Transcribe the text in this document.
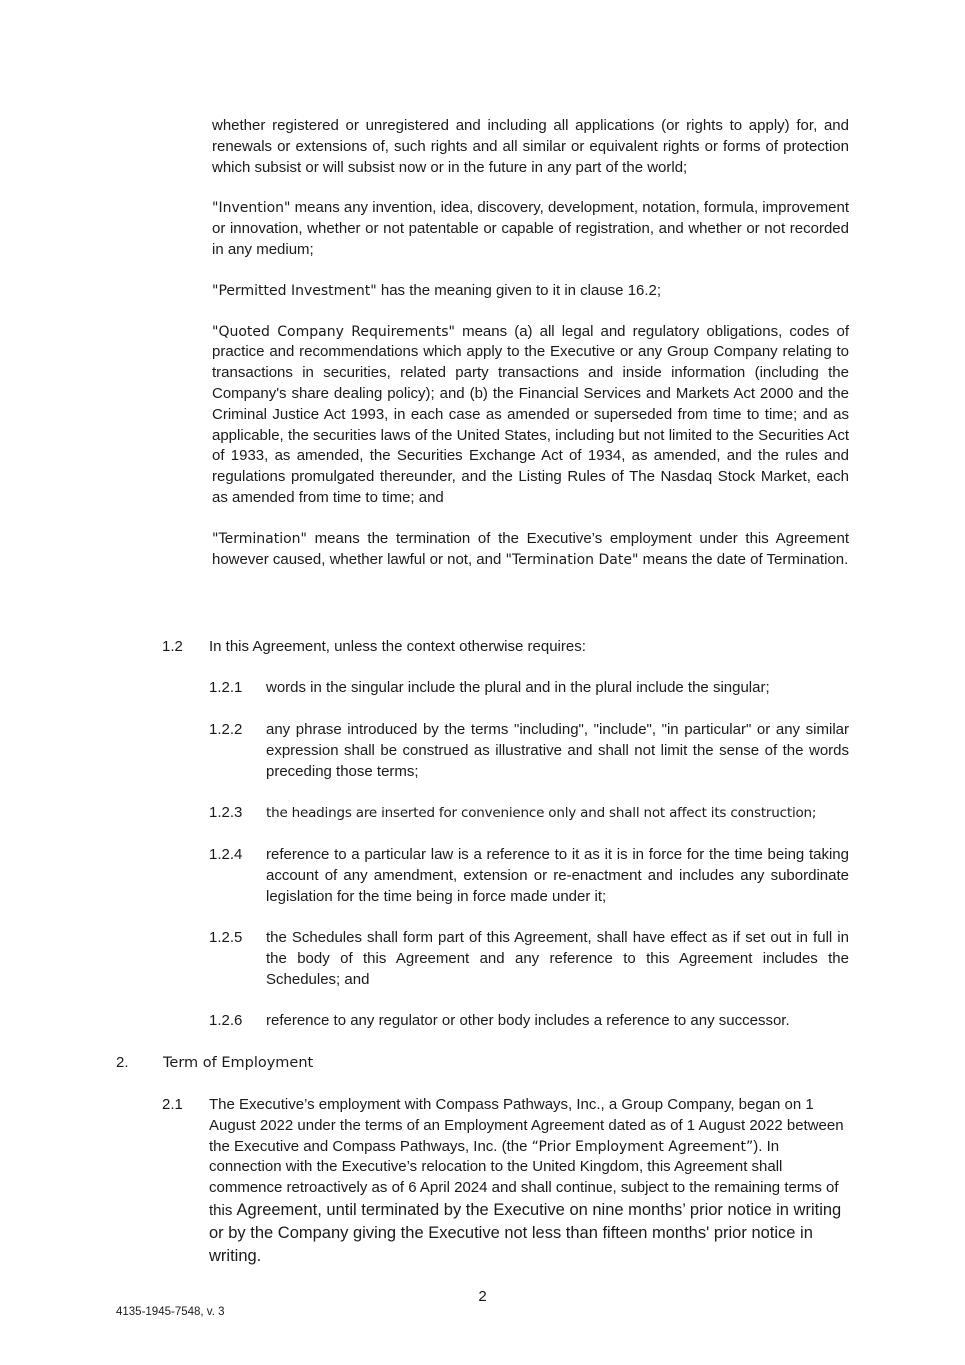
whether registered or unregistered and including all applications (or rights to apply) for, and renewals or extensions of, such rights and all similar or equivalent rights or forms of protection which subsist or will subsist now or in the future in any part of the world;

"Invention" means any invention, idea, discovery, development, notation, formula, improvement or innovation, whether or not patentable or capable of registration, and whether or not recorded in any medium;

"Permitted Investment" has the meaning given to it in clause 16.2;

"Quoted Company Requirements" means (a) all legal and regulatory obligations, codes of practice and recommendations which apply to the Executive or any Group Company relating to transactions in securities, related party transactions and inside information (including the Company's share dealing policy); and (b) the Financial Services and Markets Act 2000 and the Criminal Justice Act 1993, in each case as amended or superseded from time to time; and as applicable, the securities laws of the United States, including but not limited to the Securities Act of 1933, as amended, the Securities Exchange Act of 1934, as amended, and the rules and regulations promulgated thereunder, and the Listing Rules of The Nasdaq Stock Market, each as amended from time to time; and

"Termination" means the termination of the Executive’s employment under this Agreement however caused, whether lawful or not, and "Termination Date" means the date of Termination.

1.2 In this Agreement, unless the context otherwise requires:
1.2.1 words in the singular include the plural and in the plural include the singular;
1.2.2 any phrase introduced by the terms "including", "include", "in particular" or any similar expression shall be construed as illustrative and shall not limit the sense of the words preceding those terms;
1.2.3 the headings are inserted for convenience only and shall not affect its construction;
1.2.4 reference to a particular law is a reference to it as it is in force for the time being taking account of any amendment, extension or re-enactment and includes any subordinate legislation for the time being in force made under it;
1.2.5 the Schedules shall form part of this Agreement, shall have effect as if set out in full in the body of this Agreement and any reference to this Agreement includes the Schedules; and
1.2.6 reference to any regulator or other body includes a reference to any successor.
2. Term of Employment
2.1 The Executive’s employment with Compass Pathways, Inc., a Group Company, began on 1 August 2022 under the terms of an Employment Agreement dated as of 1 August 2022 between the Executive and Compass Pathways, Inc. (the “Prior Employment Agreement”). In connection with the Executive’s relocation to the United Kingdom, this Agreement shall commence retroactively as of 6 April 2024 and shall continue, subject to the remaining terms of this Agreement, until terminated by the Executive on nine months’ prior notice in writing or by the Company giving the Executive not less than fifteen months' prior notice in writing.
2
4135-1945-7548, v. 3
